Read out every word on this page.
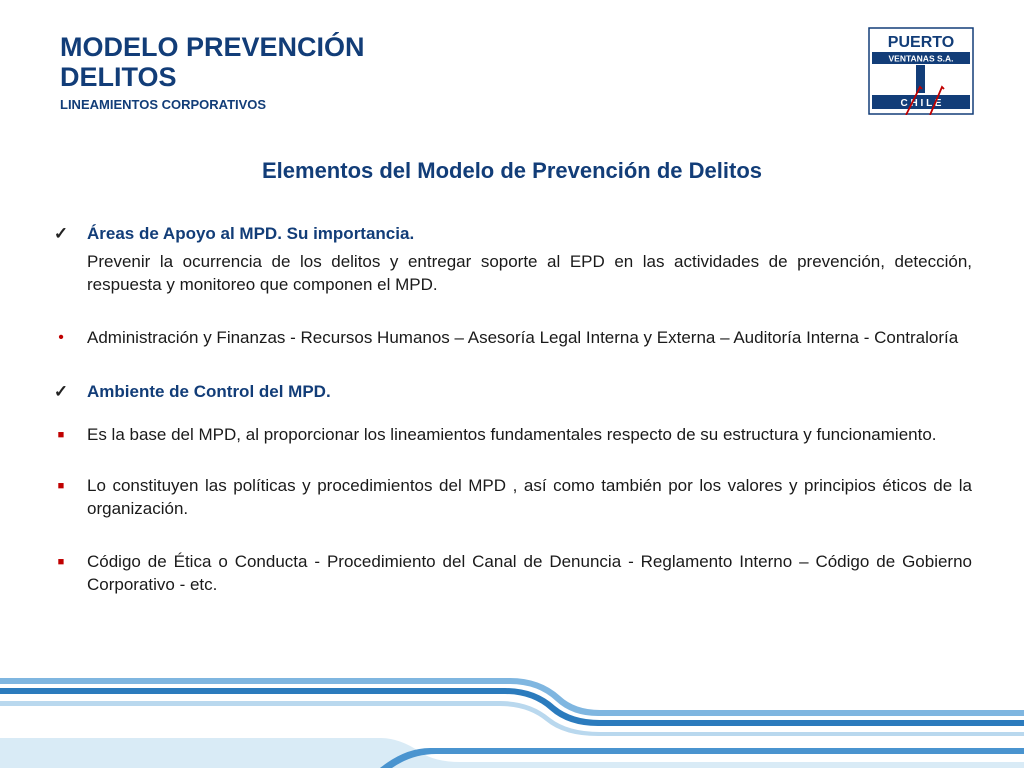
MODELO PREVENCIÓN
DELITOS
LINEAMIENTOS CORPORATIVOS
PUERTO
VENTANAS S.A.
C H I L E
Elementos del Modelo de Prevención de Delitos
✓ Áreas de Apoyo al MPD. Su importancia.
Prevenir la ocurrencia de los delitos y entregar soporte al EPD en las actividades de prevención, detección, respuesta y monitoreo que componen el MPD.
•	Administración y Finanzas - Recursos Humanos – Asesoría Legal Interna y Externa – Auditoría Interna - Contraloría
✓ Ambiente de Control del MPD.
■	Es la base del MPD, al proporcionar los lineamientos fundamentales respecto de su estructura y funcionamiento.
■	Lo constituyen las políticas y procedimientos del MPD , así como también por los valores y principios éticos de la organización.
■	Código de Ética o Conducta - Procedimiento del Canal de Denuncia - Reglamento Interno – Código de Gobierno Corporativo - etc.
